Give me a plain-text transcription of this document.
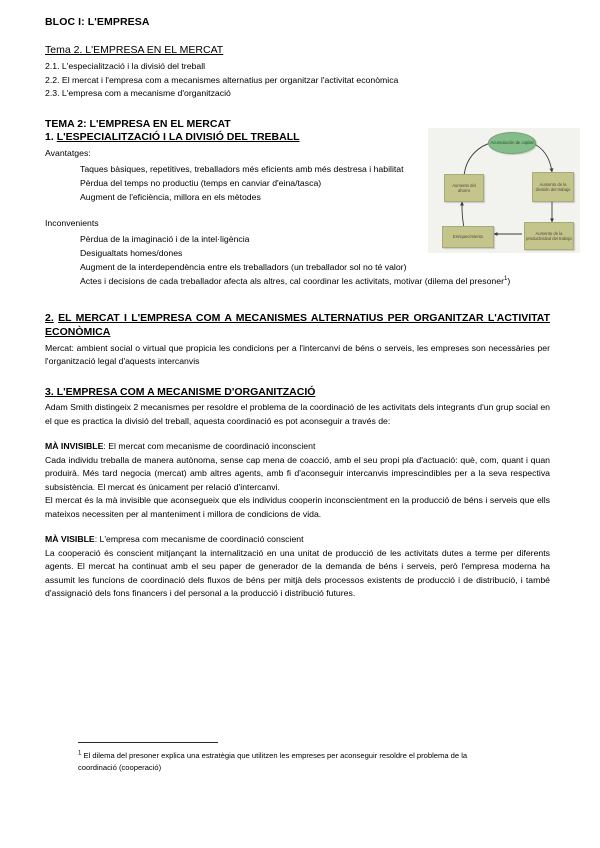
BLOC I: L'EMPRESA
Tema 2. L'EMPRESA EN EL MERCAT
2.1. L'especialització i la divisió del treball
2.2. El mercat i l'empresa com a mecanismes alternatius per organitzar l'activitat econòmica
2.3. L'empresa com a mecanisme d'organització
TEMA 2: L'EMPRESA EN EL MERCAT
1. L'ESPECIALITZACIÓ I LA DIVISIÓ DEL TREBALL
Avantatges:
Taques bàsiques, repetitives, treballadors més eficients amb més destresa i habilitat
Pèrdua del temps no productiu (temps en canviar d'eina/tasca)
Augment de l'eficiència, millora en els mètodes
Inconvenients
Pèrdua de la imaginació i de la intel·ligència
Desigualtats homes/dones
Augment de la interdependència entre els treballadors (un treballador sol no té valor)
Actes i decisions de cada treballador afecta als altres, cal coordinar les activitats, motivar (dilema del presoner$^1$)
2. EL MERCAT I L'EMPRESA COM A MECANISMES ALTERNATIUS PER ORGANITZAR L'ACTIVITAT ECONÒMICA
Mercat: ambient social o virtual que propicia les condicions per a l'intercanvi de béns o serveis, les empreses son necessàries per l'organització legal d'aquests intercanvis
3. L'EMPRESA COM A MECANISME D'ORGANITZACIÓ
Adam Smith distingeix 2 mecanismes per resoldre el problema de la coordinació de les activitats dels integrants d'un grup social en el que es practica la divisió del treball, aquesta coordinació es pot aconseguir a través de:
MÀ INVISIBLE: El mercat com mecanisme de coordinació inconscient
Cada individu treballa de manera autònoma, sense cap mena de coacció, amb el seu propi pla d'actuació: què, com, quant i quan produirà. Més tard negocia (mercat) amb altres agents, amb fi d'aconseguir intercanvis imprescindibles per a la seva respectiva subsistència. El mercat és únicament per relació d'intercanvi.
El mercat és la mà invisible que aconsegueix que els individus cooperin inconscientment en la producció de béns i serveis que ells mateixos necessiten per al manteniment i millora de condicions de vida.
MÀ VISIBLE: L'empresa com mecanisme de coordinació conscient
La cooperació és conscient mitjançant la internalització en una unitat de producció de les activitats dutes a terme per diferents agents. El mercat ha continuat amb el seu paper de generador de la demanda de béns i serveis, però l'empresa moderna ha assumit les funcions de coordinació dels fluxos de béns per mitjà dels processos existents de producció i de distribució, i també d'assignació dels fons financers i del personal a la producció i distribució futures.
Acumulación de capital
Aumento del ahorro
Aumento de la división del trabajo
Enriquecimiento
Aumento de la productividad del trabajo
$^1$ El dilema del presoner explica una estratègia que utilitzen les empreses per aconseguir resoldre el problema de la coordinació (cooperació)
